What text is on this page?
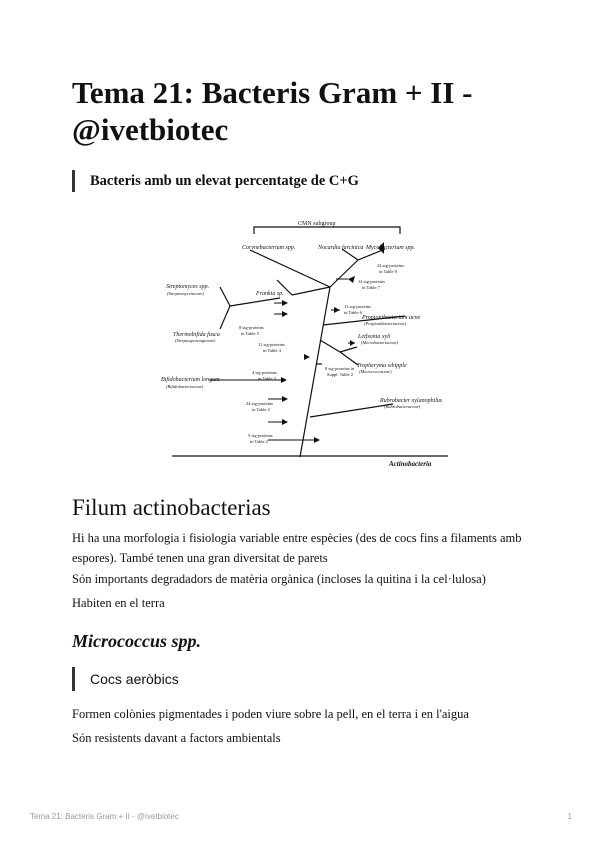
Tema 21: Bacteris Gram + II - @ivetbiotec
Bacteris amb un elevat percentatge de C+G
CMN subgroup
Corynebacterium spp.	Nocardia farcinica Mycobacterium spp.
24 sig-proteins
in Table 8
14 sig-proteins
in Table 7
Streptomyces spp.
(Streptomycetaceae)	Frankia sp.
13 sig-proteins
in Table 6
Propionibacterium acne
(Propionibacteriaceae)
8 sig-proteins
in Table 5
Thermobifida fusca
(Streptosporangineae)
Leifsonia xyli
(Microbacteriaceae)
11 sig-proteins
in Table 4
Tropheryma whipple
(Micrococcaceae)
8 sig-proteins in
Suppl. Table 2
4 sig-proteins
in Table 3
Bifidobacterium longum
(Bifidobacteriaceae)
24 sig-proteins
in Table 2
Rubrobacter xylanophilus
(Rubrobacteraceae)
5 sig-proteins
in Table 2
Actinobacteria
Filum actinobacterias

Hi ha una morfologia i fisiologia variable entre espècies (des de cocs fins a filaments amb espores). També tenen una gran diversitat de parets

Són importants degradadors de matèria orgànica (incloses la quitina i la cel·lulosa)

Habiten en el terra

Micrococcus spp.
Cocs aeròbics

Formen colònies pigmentades i poden viure sobre la pell, en el terra i en l'aigua

Són resistents davant a factors ambientals

Tema 21: Bacteris Gram + II - @ivetbiotec	1
